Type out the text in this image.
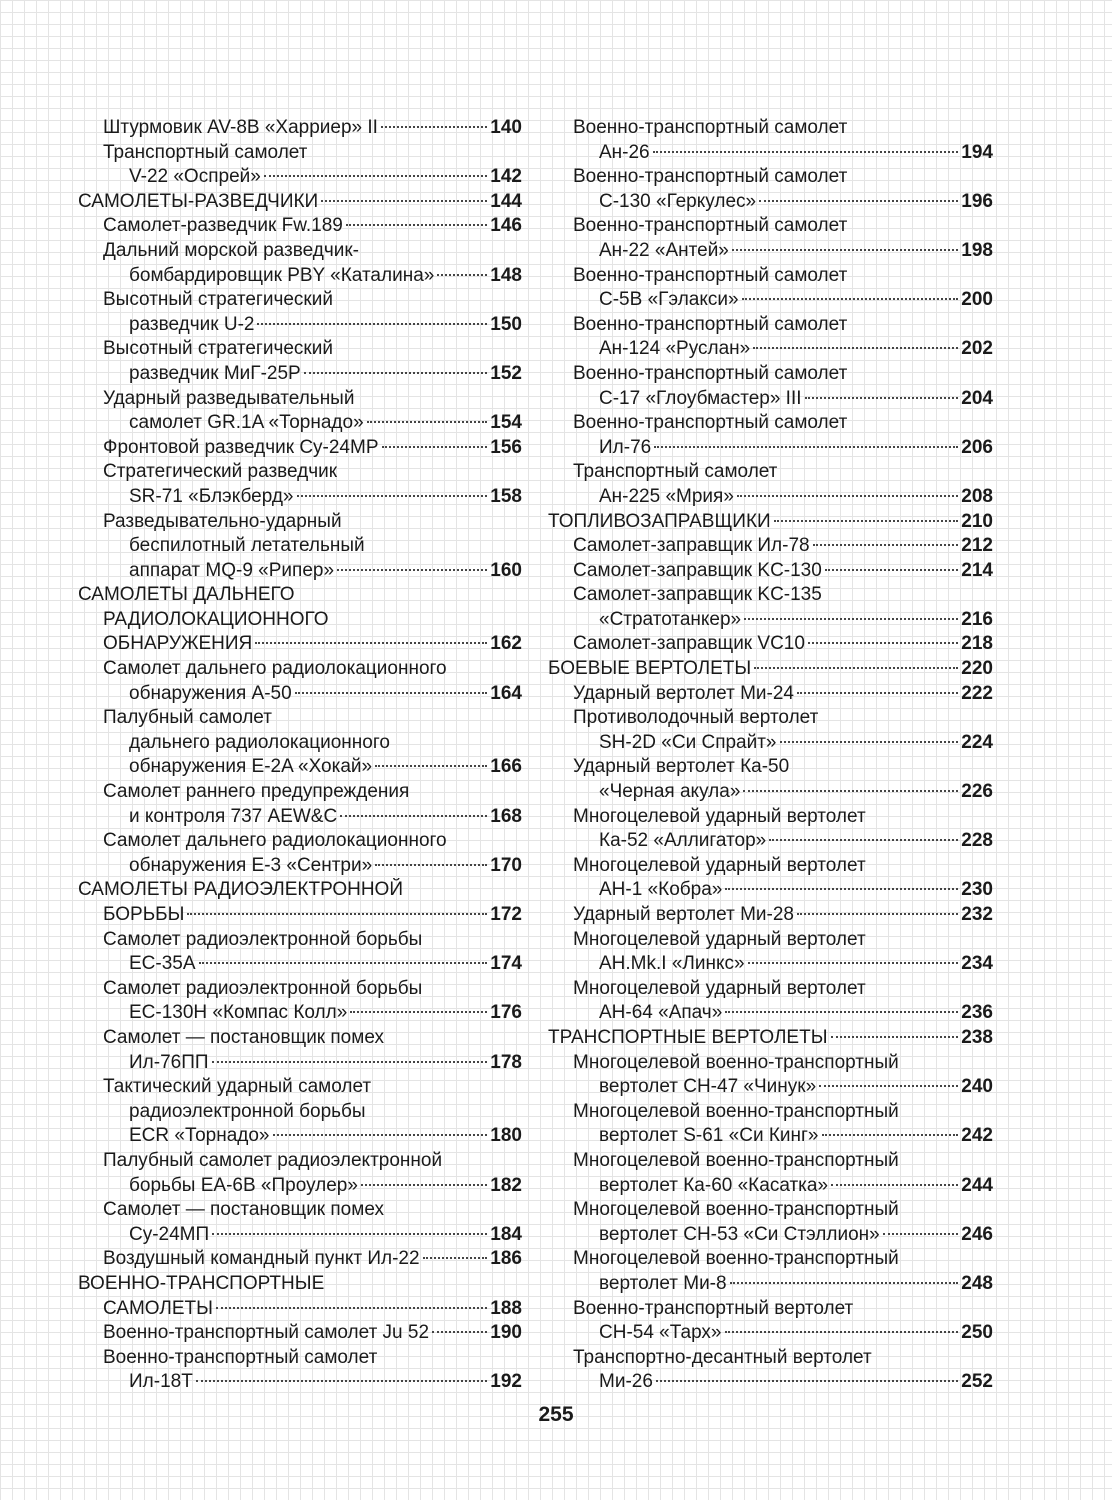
Штурмовик AV-8B «Харриер» II	140
Транспортный самолет
V-22 «Оспрей»	142
САМОЛЕТЫ-РАЗВЕДЧИКИ	144
Самолет-разведчик Fw.189	146
Дальний морской разведчик-
бомбардировщик PBY «Каталина»	148
Высотный стратегический
разведчик U-2	150
Высотный стратегический
разведчик МиГ-25Р	152
Ударный разведывательный
самолет GR.1A «Торнадо»	154
Фронтовой разведчик Су-24МР	156
Стратегический разведчик
SR-71 «Блэкберд»	158
Разведывательно-ударный
беспилотный летательный
аппарат MQ-9 «Рипер»	160
САМОЛЕТЫ ДАЛЬНЕГО
РАДИОЛОКАЦИОННОГО
ОБНАРУЖЕНИЯ	162
Самолет дальнего радиолокационного
обнаружения А-50	164
Палубный самолет
дальнего радиолокационного
обнаружения E-2A «Хокай»	166
Самолет раннего предупреждения
и контроля 737 AEW&C	168
Самолет дальнего радиолокационного
обнаружения E-3 «Сентри»	170
САМОЛЕТЫ РАДИОЭЛЕКТРОННОЙ
БОРЬБЫ	172
Самолет радиоэлектронной борьбы
EC-35A	174
Самолет радиоэлектронной борьбы
EC-130H «Компас Колл»	176
Самолет — постановщик помех
Ил-76ПП	178
Тактический ударный самолет
радиоэлектронной борьбы
ECR «Торнадо»	180
Палубный самолет радиоэлектронной
борьбы EA-6B «Проулер»	182
Самолет — постановщик помех
Су-24МП	184
Воздушный командный пункт Ил-22	186
ВОЕННО-ТРАНСПОРТНЫЕ
САМОЛЕТЫ	188
Военно-транспортный самолет Ju 52	190
Военно-транспортный самолет
Ил-18Т	192
Военно-транспортный самолет
Ан-26	194
Военно-транспортный самолет
C-130 «Геркулес»	196
Военно-транспортный самолет
Ан-22 «Антей»	198
Военно-транспортный самолет
C-5B «Гэлакси»	200
Военно-транспортный самолет
Ан-124 «Руслан»	202
Военно-транспортный самолет
C-17 «Глоубмастер» III	204
Военно-транспортный самолет
Ил-76	206
Транспортный самолет
Ан-225 «Мрия»	208
ТОПЛИВОЗАПРАВЩИКИ	210
Самолет-заправщик Ил-78	212
Самолет-заправщик KC-130	214
Самолет-заправщик KC-135
«Стратотанкер»	216
Самолет-заправщик VC10	218
БОЕВЫЕ ВЕРТОЛЕТЫ	220
Ударный вертолет Ми-24	222
Противолодочный вертолет
SH-2D «Си Спрайт»	224
Ударный вертолет Ка-50
«Черная акула»	226
Многоцелевой ударный вертолет
Ка-52 «Аллигатор»	228
Многоцелевой ударный вертолет
AH-1 «Кобра»	230
Ударный вертолет Ми-28	232
Многоцелевой ударный вертолет
AH.Mk.I «Линкс»	234
Многоцелевой ударный вертолет
AH-64 «Апач»	236
ТРАНСПОРТНЫЕ ВЕРТОЛЕТЫ	238
Многоцелевой военно-транспортный
вертолет CH-47 «Чинук»	240
Многоцелевой военно-транспортный
вертолет S-61 «Си Кинг»	242
Многоцелевой военно-транспортный
вертолет Ка-60 «Касатка»	244
Многоцелевой военно-транспортный
вертолет CH-53 «Си Стэллион»	246
Многоцелевой военно-транспортный
вертолет Ми-8	248
Военно-транспортный вертолет
CH-54 «Тарх»	250
Транспортно-десантный вертолет
Ми-26	252
255
